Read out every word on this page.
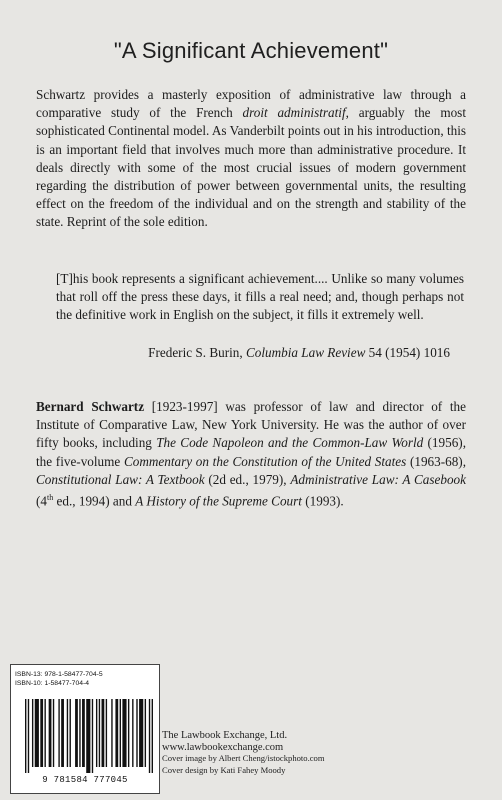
"A Significant Achievement"

Schwartz provides a masterly exposition of administrative law through a comparative study of the French droit administratif, arguably the most sophisticated Continental model. As Vanderbilt points out in his introduction, this is an important field that involves much more than administrative procedure. It deals directly with some of the most crucial issues of modern government regarding the distribution of power between governmental units, the resulting effect on the freedom of the individual and on the strength and stability of the state. Reprint of the sole edition.

[T]his book represents a significant achievement.... Unlike so many volumes that roll off the press these days, it fills a real need; and, though perhaps not the definitive work in English on the subject, it fills it extremely well.

Frederic S. Burin, Columbia Law Review 54 (1954) 1016

Bernard Schwartz [1923-1997] was professor of law and director of the Institute of Comparative Law, New York University. He was the author of over fifty books, including The Code Napoleon and the Common-Law World (1956), the five-volume Commentary on the Constitution of the United States (1963-68), Constitutional Law: A Textbook (2d ed., 1979), Administrative Law: A Casebook (4th ed., 1994) and A History of the Supreme Court (1993).

ISBN-13: 978-1-58477-704-5
ISBN-10: 1-58477-704-4
9 781584 777045
The Lawbook Exchange, Ltd.
www.lawbookexchange.com
Cover image by Albert Cheng/istockphoto.com
Cover design by Kati Fahey Moody
